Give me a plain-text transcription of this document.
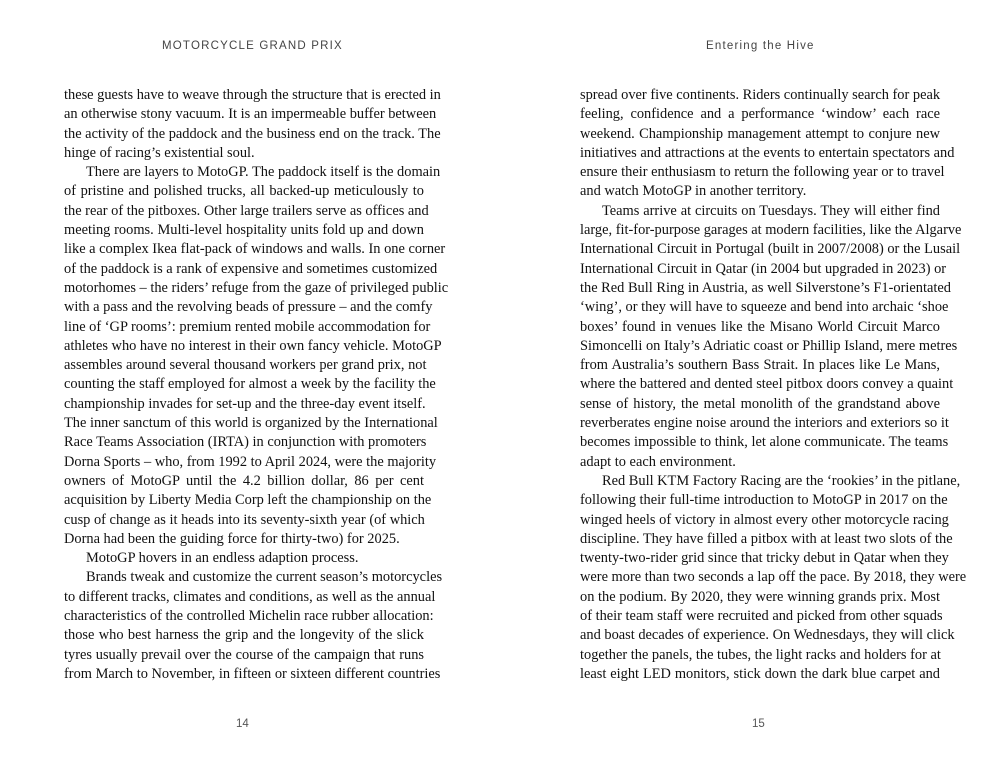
MOTORCYCLE GRAND PRIX
these guests have to weave through the structure that is erected in
an otherwise stony vacuum. It is an impermeable buffer between
the activity of the paddock and the business end on the track. The
hinge of racing’s existential soul.
There are layers to MotoGP. The paddock itself is the domain
of pristine and polished trucks, all backed-up meticulously to
the rear of the pitboxes. Other large trailers serve as offices and
meeting rooms. Multi-level hospitality units fold up and down
like a complex Ikea flat-pack of windows and walls. In one corner
of the paddock is a rank of expensive and sometimes customized
motorhomes – the riders’ refuge from the gaze of privileged public
with a pass and the revolving beads of pressure – and the comfy
line of ‘GP rooms’: premium rented mobile accommodation for
athletes who have no interest in their own fancy vehicle. MotoGP
assembles around several thousand workers per grand prix, not
counting the staff employed for almost a week by the facility the
championship invades for set-up and the three-day event itself.
The inner sanctum of this world is organized by the International
Race Teams Association (IRTA) in conjunction with promoters
Dorna Sports – who, from 1992 to April 2024, were the majority
owners of MotoGP until the 4.2 billion dollar, 86 per cent
acquisition by Liberty Media Corp left the championship on the
cusp of change as it heads into its seventy-sixth year (of which
Dorna had been the guiding force for thirty-two) for 2025.
MotoGP hovers in an endless adaption process.
Brands tweak and customize the current season’s motorcycles
to different tracks, climates and conditions, as well as the annual
characteristics of the controlled Michelin race rubber allocation:
those who best harness the grip and the longevity of the slick
tyres usually prevail over the course of the campaign that runs
from March to November, in fifteen or sixteen different countries
14
Entering the Hive
spread over five continents. Riders continually search for peak
feeling, confidence and a performance ‘window’ each race
weekend. Championship management attempt to conjure new
initiatives and attractions at the events to entertain spectators and
ensure their enthusiasm to return the following year or to travel
and watch MotoGP in another territory.
Teams arrive at circuits on Tuesdays. They will either find
large, fit-for-purpose garages at modern facilities, like the Algarve
International Circuit in Portugal (built in 2007/2008) or the Lusail
International Circuit in Qatar (in 2004 but upgraded in 2023) or
the Red Bull Ring in Austria, as well Silverstone’s F1-orientated
‘wing’, or they will have to squeeze and bend into archaic ‘shoe
boxes’ found in venues like the Misano World Circuit Marco
Simoncelli on Italy’s Adriatic coast or Phillip Island, mere metres
from Australia’s southern Bass Strait. In places like Le Mans,
where the battered and dented steel pitbox doors convey a quaint
sense of history, the metal monolith of the grandstand above
reverberates engine noise around the interiors and exteriors so it
becomes impossible to think, let alone communicate. The teams
adapt to each environment.
Red Bull KTM Factory Racing are the ‘rookies’ in the pitlane,
following their full-time introduction to MotoGP in 2017 on the
winged heels of victory in almost every other motorcycle racing
discipline. They have filled a pitbox with at least two slots of the
twenty-two-rider grid since that tricky debut in Qatar when they
were more than two seconds a lap off the pace. By 2018, they were
on the podium. By 2020, they were winning grands prix. Most
of their team staff were recruited and picked from other squads
and boast decades of experience. On Wednesdays, they will click
together the panels, the tubes, the light racks and holders for at
least eight LED monitors, stick down the dark blue carpet and
15
